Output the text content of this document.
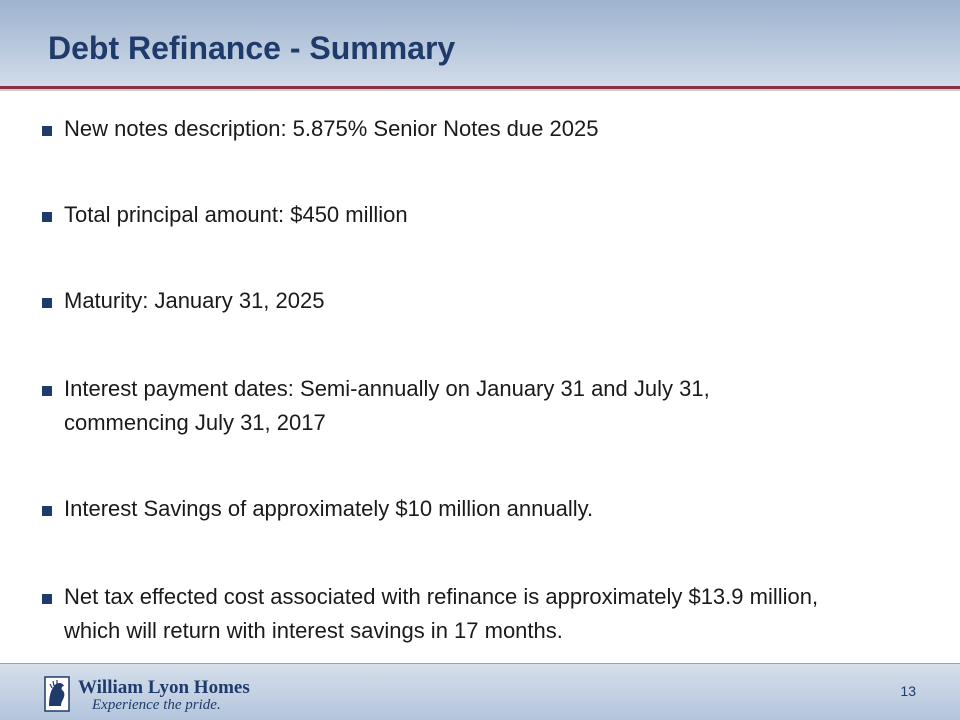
Debt Refinance - Summary
New notes description: 5.875% Senior Notes due 2025
Total principal amount: $450 million
Maturity: January 31, 2025
Interest payment dates: Semi-annually on January 31 and July 31,
commencing July 31, 2017
Interest Savings of approximately $10 million annually.
Net tax effected cost associated with refinance is approximately $13.9 million,
which will return with interest savings in 17 months.
William Lyon Homes
Experience the pride.
13
